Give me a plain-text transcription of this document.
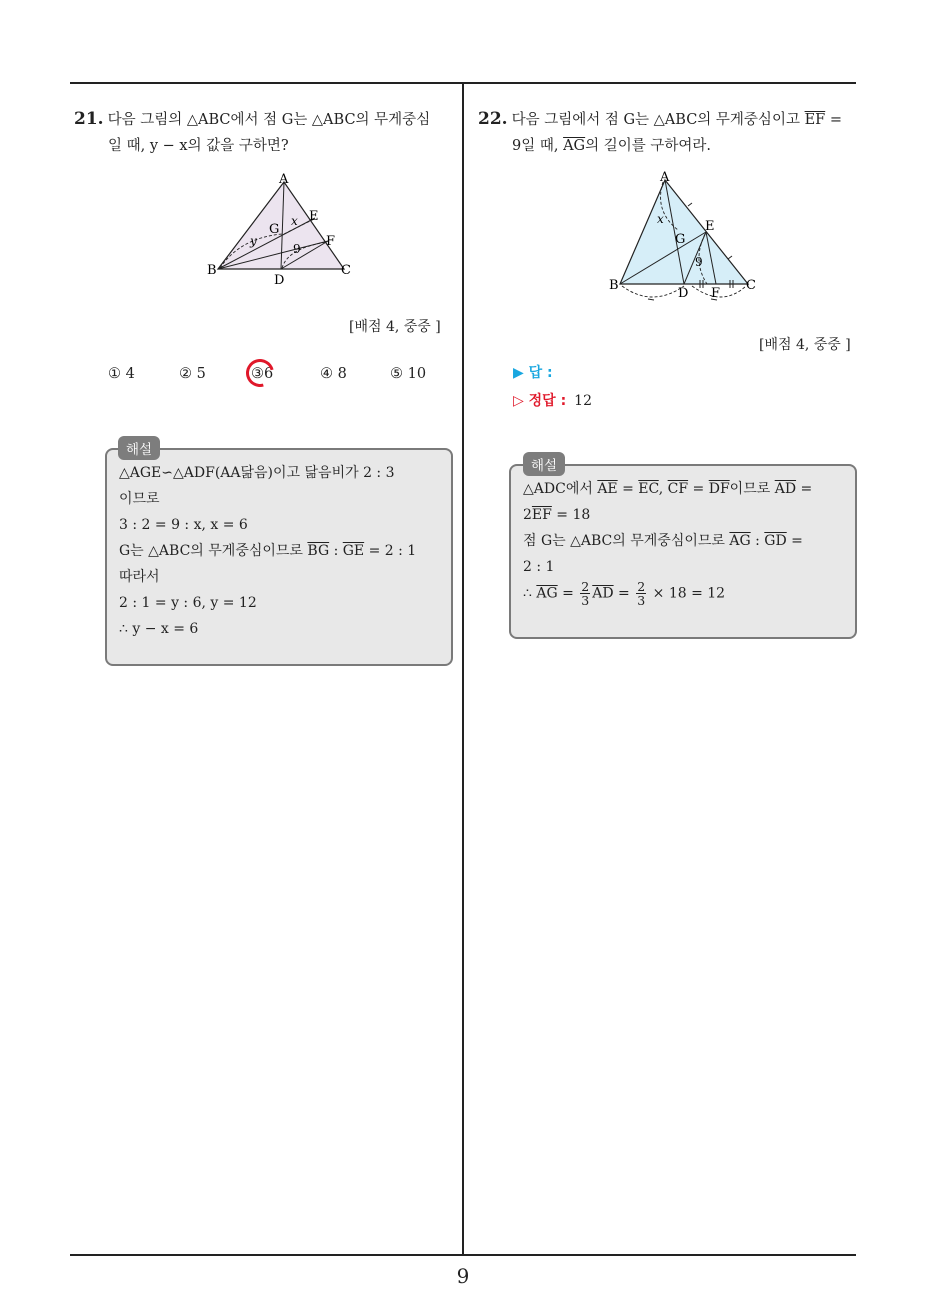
21. 다음 그림의 △ABC에서 점 G는 △ABC의 무게중심
일 때, y − x의 값을 구하면?
A
B	C
D
E
F
G
x
y
9
[배점 4, 중중 ]
① 4	② 5	③6	④ 8	⑤ 10
△AGE∽△ADF(AA닮음)이고 닮음비가 2 : 3
이므로
3 : 2 = 9 : x, x = 6
G는 △ABC의 무게중심이므로 $\overline{BG}$ : $\overline{GE} = 2$ : 1
따라서
2 : 1 = y : 6, y = 12
∴ y − x = 6
해설
22. 다음 그림에서 점 G는 △ABC의 무게중심이고 $\overline{EF}$ =
9일 때, $\overline{AG}$의 길이를 구하여라.
A
B	C
D
E
F
G
x
9
[배점 4, 중중 ]
▶ 답 :
▷ 정답 : 12
△ADC에서 $\overline{AE} = \overline{EC}$, $\overline{CF} = \overline{DF}$이므로 $\overline{AD}$ =
$2\overline{EF} = 18$
점 G는 △ABC의 무게중심이므로 $\overline{AG}$ : $\overline{GD}$ =
2 : 1
∴ $\overline{AG} = \frac{2}{3} \overline{AD} = \frac{2}{3} \times 18 = 12$
해설
9
